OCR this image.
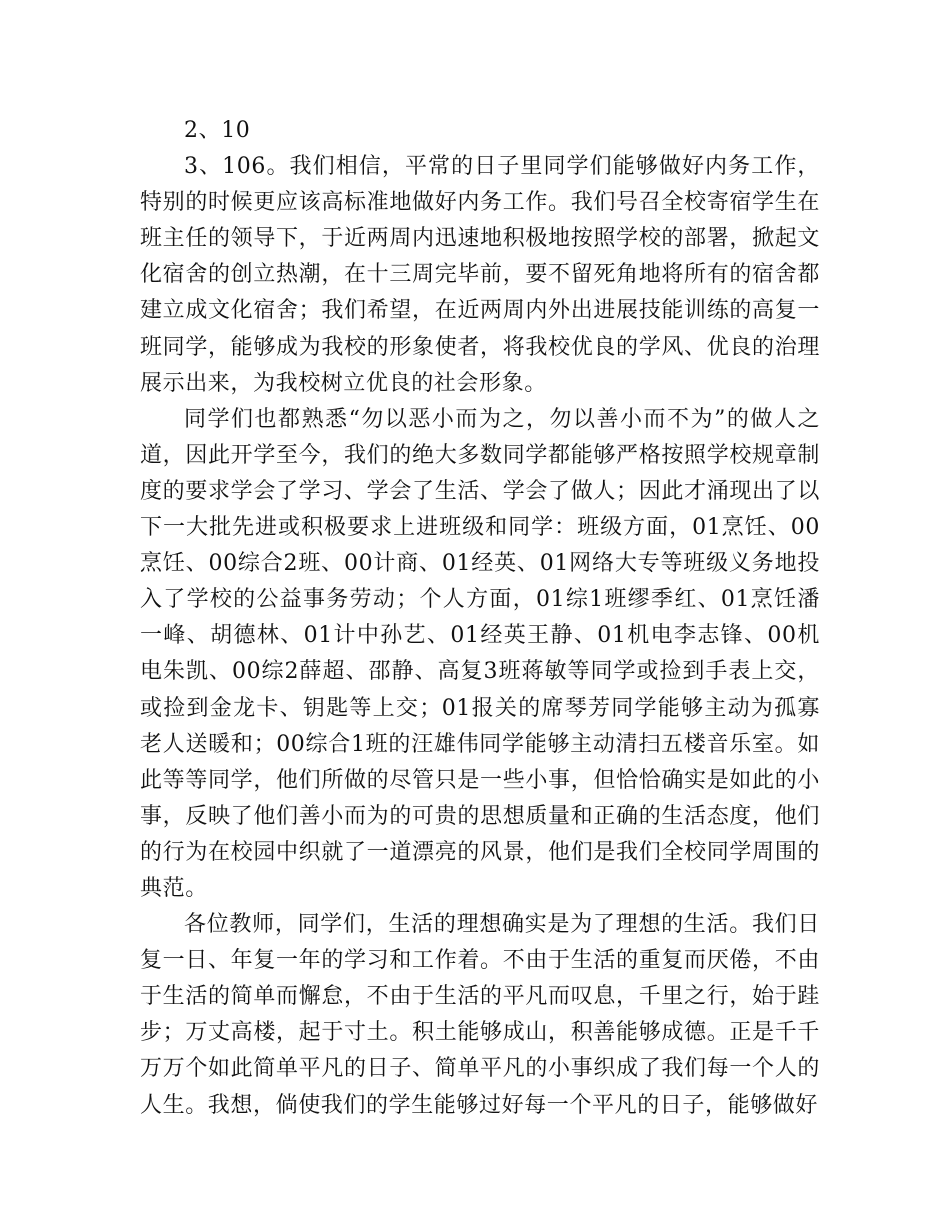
2、10

3、106。我们相信，平常的日子里同学们能够做好内务工作，特别的时候更应该高标准地做好内务工作。我们号召全校寄宿学生在班主任的领导下，于近两周内迅速地积极地按照学校的部署，掀起文化宿舍的创立热潮，在十三周完毕前，要不留死角地将所有的宿舍都建立成文化宿舍；我们希望，在近两周内外出进展技能训练的高复一班同学，能够成为我校的形象使者，将我校优良的学风、优良的治理展示出来，为我校树立优良的社会形象。

同学们也都熟悉“勿以恶小而为之，勿以善小而不为”的做人之道，因此开学至今，我们的绝大多数同学都能够严格按照学校规章制度的要求学会了学习、学会了生活、学会了做人；因此才涌现出了以下一大批先进或积极要求上进班级和同学：班级方面，01烹饪、00烹饪、00综合2班、00计商、01经英、01网络大专等班级义务地投入了学校的公益事务劳动；个人方面，01综1班缪季红、01烹饪潘一峰、胡德林、01计中孙艺、01经英王静、01机电李志锋、00机电朱凯、00综2薛超、邵静、高复3班蒋敏等同学或捡到手表上交，或捡到金龙卡、钥匙等上交；01报关的席琴芳同学能够主动为孤寡老人送暖和；00综合1班的汪雄伟同学能够主动清扫五楼音乐室。如此等等同学，他们所做的尽管只是一些小事，但恰恰确实是如此的小事，反映了他们善小而为的可贵的思想质量和正确的生活态度，他们的行为在校园中织就了一道漂亮的风景，他们是我们全校同学周围的典范。

各位教师，同学们，生活的理想确实是为了理想的生活。我们日复一日、年复一年的学习和工作着。不由于生活的重复而厌倦，不由于生活的简单而懈怠，不由于生活的平凡而叹息，千里之行，始于跬步；万丈高楼，起于寸土。积土能够成山，积善能够成德。正是千千万万个如此简单平凡的日子、简单平凡的小事织成了我们每一个人的人生。我想，倘使我们的学生能够过好每一个平凡的日子，能够做好
